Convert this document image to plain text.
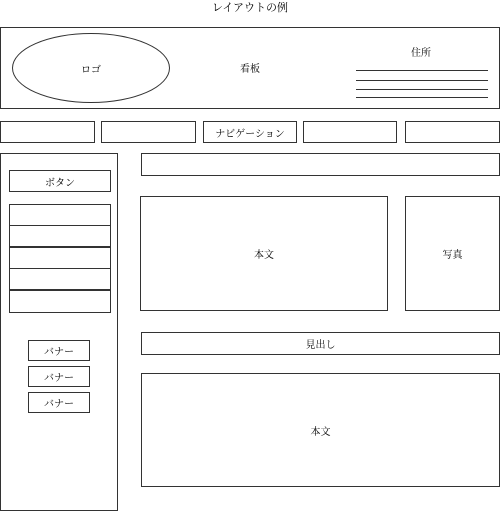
レイアウトの例
ロゴ	看板
住所
ナビゲーション
ボタン
バナー
バナー
バナー
本文	写真
見出し
本文
